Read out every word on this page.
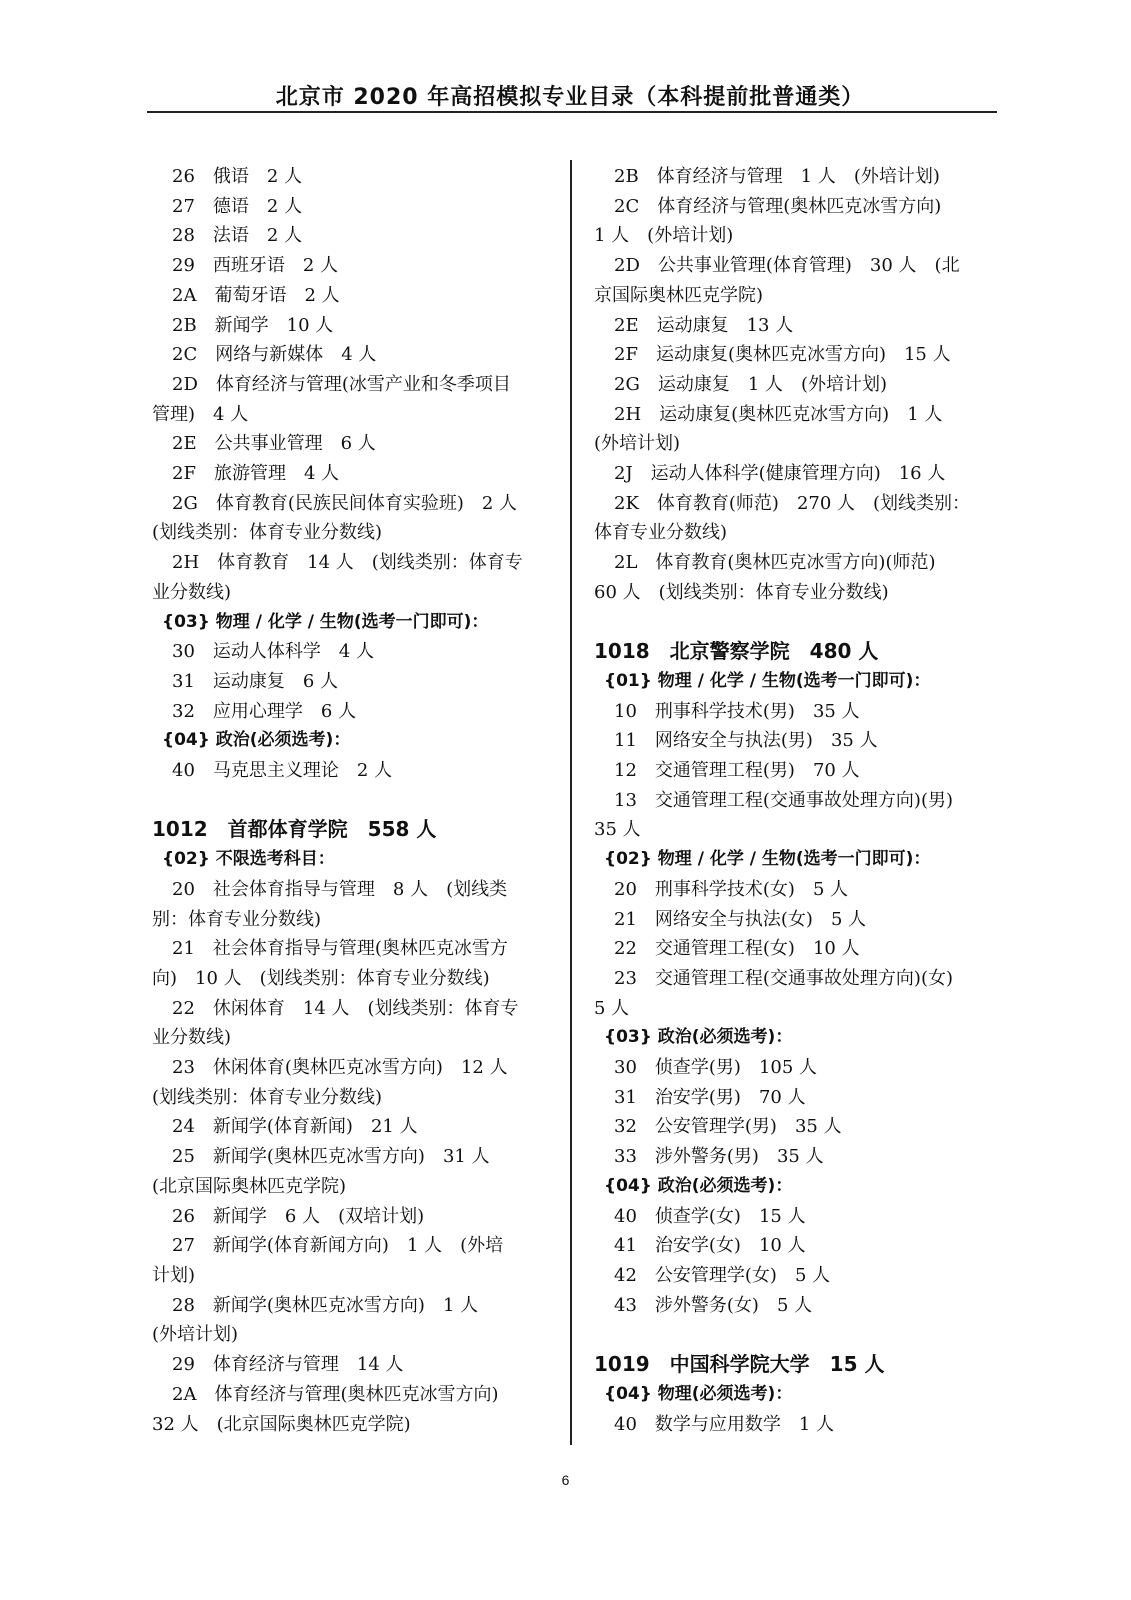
北京市 2020 年高招模拟专业目录（本科提前批普通类）
26　俄语　2 人
27　德语　2 人
28　法语　2 人
29　西班牙语　2 人
2A　葡萄牙语　2 人
2B　新闻学　10 人
2C　网络与新媒体　4 人
2D　体育经济与管理(冰雪产业和冬季项目
管理)　4 人
2E　公共事业管理　6 人
2F　旅游管理　4 人
2G　体育教育(民族民间体育实验班)　2 人
(划线类别：体育专业分数线)
2H　体育教育　14 人　(划线类别：体育专
业分数线)
{03} 物理 / 化学 / 生物(选考一门即可)：
30　运动人体科学　4 人
31　运动康复　6 人
32　应用心理学　6 人
{04} 政治(必须选考)：
40　马克思主义理论　2 人
1012　首都体育学院　558 人
{02} 不限选考科目：
20　社会体育指导与管理　8 人　(划线类
别：体育专业分数线)
21　社会体育指导与管理(奥林匹克冰雪方
向)　10 人　(划线类别：体育专业分数线)
22　休闲体育　14 人　(划线类别：体育专
业分数线)
23　休闲体育(奥林匹克冰雪方向)　12 人
(划线类别：体育专业分数线)
24　新闻学(体育新闻)　21 人
25　新闻学(奥林匹克冰雪方向)　31 人
(北京国际奥林匹克学院)
26　新闻学　6 人　(双培计划)
27　新闻学(体育新闻方向)　1 人　(外培
计划)
28　新闻学(奥林匹克冰雪方向)　1 人
(外培计划)
29　体育经济与管理　14 人
2A　体育经济与管理(奥林匹克冰雪方向)
32 人　(北京国际奥林匹克学院)
2B　体育经济与管理　1 人　(外培计划)
2C　体育经济与管理(奥林匹克冰雪方向)
1 人　(外培计划)
2D　公共事业管理(体育管理)　30 人　(北
京国际奥林匹克学院)
2E　运动康复　13 人
2F　运动康复(奥林匹克冰雪方向)　15 人
2G　运动康复　1 人　(外培计划)
2H　运动康复(奥林匹克冰雪方向)　1 人
(外培计划)
2J　运动人体科学(健康管理方向)　16 人
2K　体育教育(师范)　270 人　(划线类别：
体育专业分数线)
2L　体育教育(奥林匹克冰雪方向)(师范)
60 人　(划线类别：体育专业分数线)
1018　北京警察学院　480 人
{01} 物理 / 化学 / 生物(选考一门即可)：
10　刑事科学技术(男)　35 人
11　网络安全与执法(男)　35 人
12　交通管理工程(男)　70 人
13　交通管理工程(交通事故处理方向)(男)
35 人
{02} 物理 / 化学 / 生物(选考一门即可)：
20　刑事科学技术(女)　5 人
21　网络安全与执法(女)　5 人
22　交通管理工程(女)　10 人
23　交通管理工程(交通事故处理方向)(女)
5 人
{03} 政治(必须选考)：
30　侦查学(男)　105 人
31　治安学(男)　70 人
32　公安管理学(男)　35 人
33　涉外警务(男)　35 人
{04} 政治(必须选考)：
40　侦查学(女)　15 人
41　治安学(女)　10 人
42　公安管理学(女)　5 人
43　涉外警务(女)　5 人
1019　中国科学院大学　15 人
{04} 物理(必须选考)：
40　数学与应用数学　1 人
6
